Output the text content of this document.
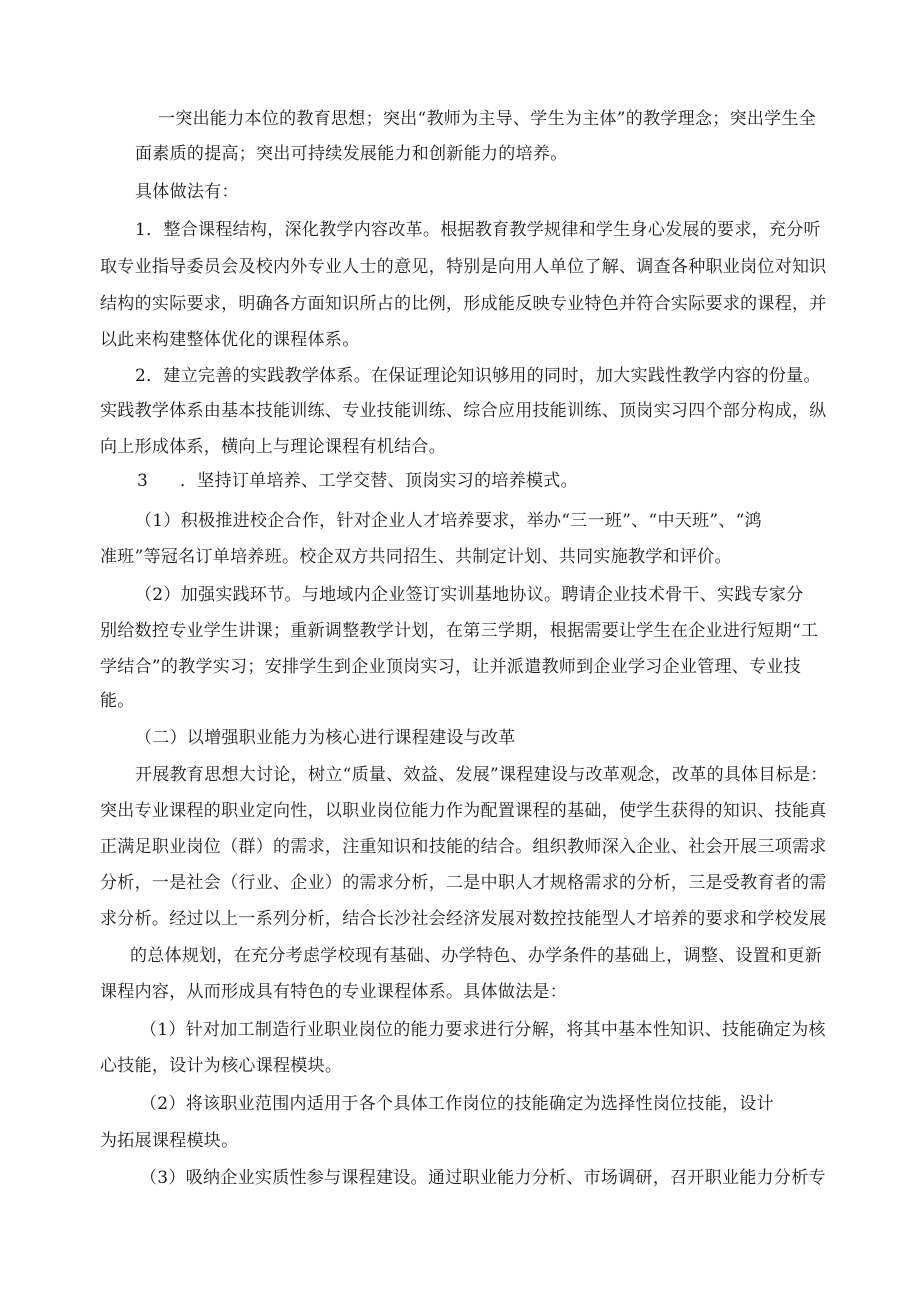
一突出能力本位的教育思想；突出“教师为主导、学生为主体”的教学理念；突出学生全
面素质的提高；突出可持续发展能力和创新能力的培养。
具体做法有：
1．整合课程结构，深化教学内容改革。根据教育教学规律和学生身心发展的要求，充分听
取专业指导委员会及校内外专业人士的意见，特别是向用人单位了解、调查各种职业岗位对知识
结构的实际要求，明确各方面知识所占的比例，形成能反映专业特色并符合实际要求的课程，并
以此来构建整体优化的课程体系。
2．建立完善的实践教学体系。在保证理论知识够用的同时，加大实践性教学内容的份量。
实践教学体系由基本技能训练、专业技能训练、综合应用技能训练、顶岗实习四个部分构成，纵
向上形成体系，横向上与理论课程有机结合。
3 ．坚持订单培养、工学交替、顶岗实习的培养模式。
（1）积极推进校企合作，针对企业人才培养要求，举办“三一班”、“中天班”、“鸿
准班”等冠名订单培养班。校企双方共同招生、共制定计划、共同实施教学和评价。
（2）加强实践环节。与地域内企业签订实训基地协议。聘请企业技术骨干、实践专家分
别给数控专业学生讲课；重新调整教学计划，在第三学期，根据需要让学生在企业进行短期“工
学结合”的教学实习；安排学生到企业顶岗实习，让并派遣教师到企业学习企业管理、专业技
能。
（二）以增强职业能力为核心进行课程建设与改革
开展教育思想大讨论，树立“质量、效益、发展”课程建设与改革观念，改革的具体目标是：
突出专业课程的职业定向性，以职业岗位能力作为配置课程的基础，使学生获得的知识、技能真
正满足职业岗位（群）的需求，注重知识和技能的结合。组织教师深入企业、社会开展三项需求
分析，一是社会（行业、企业）的需求分析，二是中职人才规格需求的分析，三是受教育者的需
求分析。经过以上一系列分析，结合长沙社会经济发展对数控技能型人才培养的要求和学校发展
的总体规划，在充分考虑学校现有基础、办学特色、办学条件的基础上，调整、设置和更新
课程内容，从而形成具有特色的专业课程体系。具体做法是：
（1）针对加工制造行业职业岗位的能力要求进行分解，将其中基本性知识、技能确定为核
心技能，设计为核心课程模块。
（2）将该职业范围内适用于各个具体工作岗位的技能确定为选择性岗位技能，设计
为拓展课程模块。
（3）吸纳企业实质性参与课程建设。通过职业能力分析、市场调研，召开职业能力分析专
